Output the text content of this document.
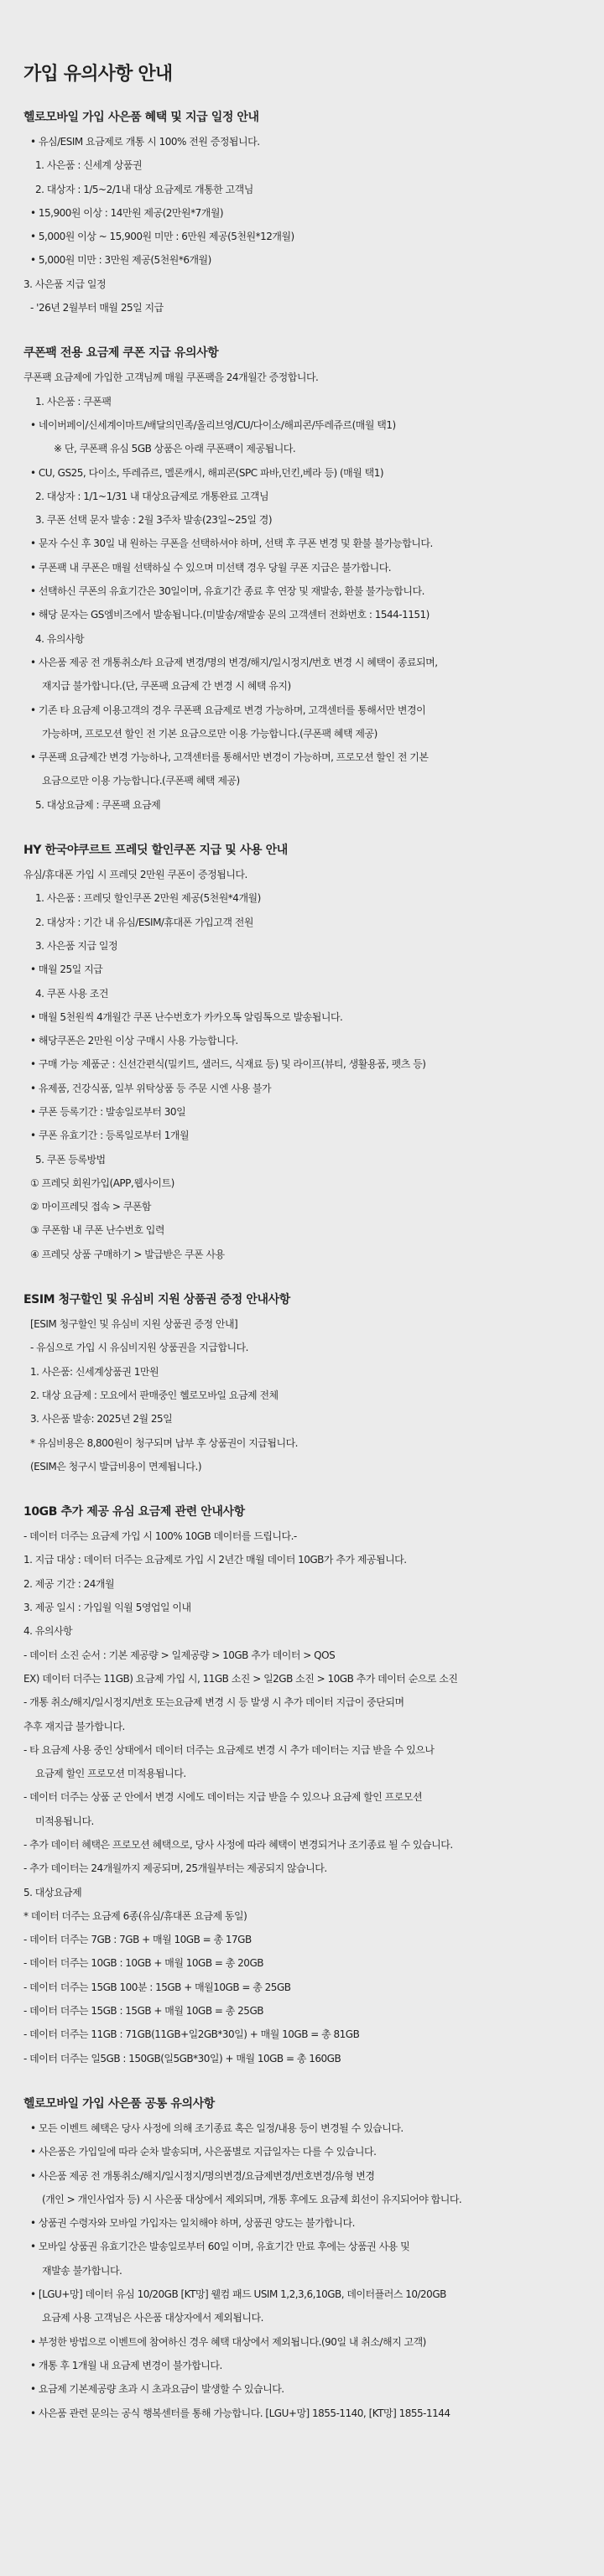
가입 유의사항 안내
헬로모바일 가입 사은품 혜택 및 지급 일정 안내
• 유심/ESIM 요금제로 개통 시 100% 전원 증정됩니다.
1. 사은품 : 신세계 상품권
2. 대상자 : 1/5~2/1내 대상 요금제로 개통한 고객님
• 15,900원 이상 : 14만원 제공(2만원*7개월)
• 5,000원 이상 ~ 15,900원 미만 : 6만원 제공(5천원*12개월)
• 5,000원 미만 : 3만원 제공(5천원*6개월)
3. 사은품 지급 일정
- '26년 2월부터 매월 25일 지급
쿠폰팩 전용 요금제 쿠폰 지급 유의사항
쿠폰팩 요금제에 가입한 고객님께 매월 쿠폰팩을 24개월간 증정합니다.
1. 사은품 : 쿠폰팩
• 네이버페이/신세계이마트/배달의민족/올리브영/CU/다이소/해피콘/뚜레쥬르(매월 택1)
※ 단, 쿠폰팩 유심 5GB 상품은 아래 쿠폰팩이 제공됩니다.
• CU, GS25, 다이소, 뚜레쥬르, 멜론캐시, 해피콘(SPC 파바,던킨,베라 등) (매월 택1)
2. 대상자 : 1/1~1/31 내 대상요금제로 개통완료 고객님
3. 쿠폰 선택 문자 발송 : 2월 3주차 발송(23일~25일 경)
• 문자 수신 후 30일 내 원하는 쿠폰을 선택하셔야 하며, 선택 후 쿠폰 변경 및 환불 불가능합니다.
• 쿠폰팩 내 쿠폰은 매월 선택하실 수 있으며 미선택 경우 당월 쿠폰 지급은 불가합니다.
• 선택하신 쿠폰의 유효기간은 30일이며, 유효기간 종료 후 연장 및 재발송, 환불 불가능합니다.
• 해당 문자는 GS엠비즈에서 발송됩니다.(미발송/재발송 문의 고객센터 전화번호 : 1544-1151)
4. 유의사항
• 사은품 제공 전 개통취소/타 요금제 변경/명의 변경/해지/일시정지/번호 변경 시 혜택이 종료되며,
재지급 불가합니다.(단, 쿠폰팩 요금제 간 변경 시 혜택 유지)
• 기존 타 요금제 이용고객의 경우 쿠폰팩 요금제로 변경 가능하며, 고객센터를 통해서만 변경이
가능하며, 프로모션 할인 전 기본 요금으로만 이용 가능합니다.(쿠폰팩 혜택 제공)
• 쿠폰팩 요금제간 변경 가능하나, 고객센터를 통해서만 변경이 가능하며, 프로모션 할인 전 기본
요금으로만 이용 가능합니다.(쿠폰팩 혜택 제공)
5. 대상요금제 : 쿠폰팩 요금제
HY 한국야쿠르트 프레딧 할인쿠폰 지급 및 사용 안내
유심/휴대폰 가입 시 프레딧 2만원 쿠폰이 증정됩니다.
1. 사은품 : 프레딧 할인쿠폰 2만원 제공(5천원*4개월)
2. 대상자 : 기간 내 유심/ESIM/휴대폰 가입고객 전원
3. 사은품 지급 일정
• 매월 25일 지급
4. 쿠폰 사용 조건
• 매월 5천원씩 4개월간 쿠폰 난수번호가 카카오톡 알림톡으로 발송됩니다.
• 해당쿠폰은 2만원 이상 구매시 사용 가능합니다.
• 구매 가능 제품군 : 신선간편식(밀키트, 샐러드, 식재료 등) 및 라이프(뷰티, 생활용품, 펫츠 등)
• 유제품, 건강식품, 일부 위탁상품 등 주문 시엔 사용 불가
• 쿠폰 등록기간 : 발송일로부터 30일
• 쿠폰 유효기간 : 등록일로부터 1개월
5. 쿠폰 등록방법
① 프레딧 회원가입(APP,웹사이트)
② 마이프레딧 접속 > 쿠폰함
③ 쿠폰함 내 쿠폰 난수번호 입력
④ 프레딧 상품 구매하기 > 발급받은 쿠폰 사용
ESIM 청구할인 및 유심비 지원 상품권 증정 안내사항
[ESIM 청구할인 및 유심비 지원 상품권 증정 안내]
- 유심으로 가입 시 유심비지원 상품권을 지급합니다.
1. 사은품: 신세계상품권 1만원
2. 대상 요금제 : 모요에서 판매중인 헬로모바일 요금제 전체
3. 사은품 발송: 2025년 2월 25일
* 유심비용은 8,800원이 청구되며 납부 후 상품권이 지급됩니다.
(ESIM은 청구시 발급비용이 면제됩니다.)
10GB 추가 제공 유심 요금제 관련 안내사항
- 데이터 더주는 요금제 가입 시 100% 10GB 데이터를 드립니다.-
1. 지급 대상 : 데이터 더주는 요금제로 가입 시 2년간 매월 데이터 10GB가 추가 제공됩니다.
2. 제공 기간 : 24개월
3. 제공 일시 : 가입월 익월 5영업일 이내
4. 유의사항
- 데이터 소진 순서 : 기본 제공량 > 일제공량 > 10GB 추가 데이터 > QOS
EX) 데이터 더주는 11GB) 요금제 가입 시, 11GB 소진 > 일2GB 소진 > 10GB 추가 데이터 순으로 소진
- 개통 취소/해지/일시정지/번호 또는요금제 변경 시 등 발생 시 추가 데이터 지급이 중단되며
추후 재지급 불가합니다.
- 타 요금제 사용 중인 상태에서 데이터 더주는 요금제로 변경 시 추가 데이터는 지급 받을 수 있으나
요금제 할인 프로모션 미적용됩니다.
- 데이터 더주는 상품 군 안에서 변경 시에도 데이터는 지급 받을 수 있으나 요금제 할인 프로모션
미적용됩니다.
- 추가 데이터 혜택은 프로모션 혜택으로, 당사 사정에 따라 혜택이 변경되거나 조기종료 될 수 있습니다.
- 추가 데이터는 24개월까지 제공되며, 25개월부터는 제공되지 않습니다.
5. 대상요금제
* 데이터 더주는 요금제 6종(유심/휴대폰 요금제 동일)
- 데이터 더주는 7GB : 7GB + 매월 10GB = 총 17GB
- 데이터 더주는 10GB : 10GB + 매월 10GB = 총 20GB
- 데이터 더주는 15GB 100분 : 15GB + 매월10GB = 총 25GB
- 데이터 더주는 15GB : 15GB + 매월 10GB = 총 25GB
- 데이터 더주는 11GB : 71GB(11GB+일2GB*30일) + 매월 10GB = 총 81GB
- 데이터 더주는 일5GB : 150GB(일5GB*30일) + 매월 10GB = 총 160GB
헬로모바일 가입 사은품 공통 유의사항
• 모든 이벤트 혜택은 당사 사정에 의해 조기종료 혹은 일정/내용 등이 변경될 수 있습니다.
• 사은품은 가입일에 따라 순차 발송되며, 사은품별로 지급일자는 다를 수 있습니다.
• 사은품 제공 전 개통취소/해지/일시정지/명의변경/요금제변경/번호변경/유형 변경
(개인 > 개인사업자 등) 시 사은품 대상에서 제외되며, 개통 후에도 요금제 회선이 유지되어야 합니다.
• 상품권 수령자와 모바일 가입자는 일치해야 하며, 상품권 양도는 불가합니다.
• 모바일 상품권 유효기간은 발송일로부터 60일 이며, 유효기간 만료 후에는 상품권 사용 및
재발송 불가합니다.
• [LGU+망] 데이터 유심 10/20GB [KT망] 웰컴 패드 USIM 1,2,3,6,10GB, 데이터플러스 10/20GB
요금제 사용 고객님은 사은품 대상자에서 제외됩니다.
• 부정한 방법으로 이벤트에 참여하신 경우 혜택 대상에서 제외됩니다.(90일 내 취소/해지 고객)
• 개통 후 1개월 내 요금제 변경이 불가합니다.
• 요금제 기본제공량 초과 시 초과요금이 발생할 수 있습니다.
• 사은품 관련 문의는 공식 행복센터를 통해 가능합니다. [LGU+망] 1855-1140, [KT망] 1855-1144
